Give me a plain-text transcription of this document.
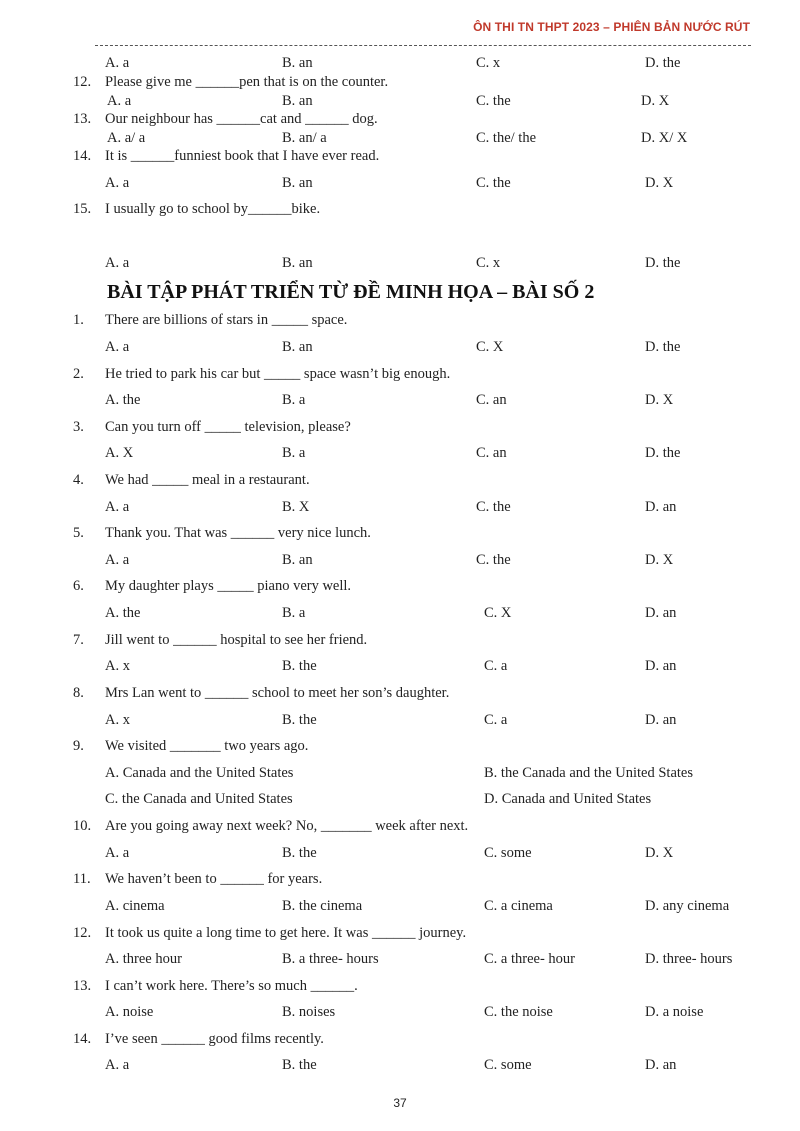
ÔN THI TN THPT 2023 – PHIÊN BẢN NƯỚC RÚT
A. a	B. an	C. x	D. the
12. Please give me ______pen that is on the counter.
A. a	B. an	C. the	D. X
13. Our neighbour has ______cat and ______ dog.
A. a/ a	B. an/ a	C. the/ the	D. X/ X
14. It is ______funniest book that I have ever read.
A. a	B. an	C. the	D. X
15. I usually go to school by______bike.
A. a	B. an	C. x	D. the
BÀI TẬP PHÁT TRIỂN TỪ ĐỀ MINH HỌA – BÀI SỐ 2
1. There are billions of stars in _____ space.
A. a	B. an	C. X	D. the
2. He tried to park his car but _____ space wasn’t big enough.
A. the	B. a	C. an	D. X
3. Can you turn off _____ television, please?
A. X	B. a	C. an	D. the
4. We had _____ meal in a restaurant.
A. a	B. X	C. the	D. an
5. Thank you. That was ______ very nice lunch.
A. a	B. an	C. the	D. X
6. My daughter plays _____ piano very well.
A. the	B. a	C. X	D. an
7. Jill went to ______ hospital to see her friend.
A. x	B. the	C. a	D. an
8. Mrs Lan went to ______ school to meet her son’s daughter.
A. x	B. the	C. a	D. an
9. We visited _______ two years ago.
A. Canada and the United States	B. the Canada and the United States
C. the Canada and United States	D. Canada and United States
10. Are you going away next week? No, _______ week after next.
A. a	B. the	C. some	D. X
11. We haven’t been to ______ for years.
A. cinema	B. the cinema	C. a cinema	D. any cinema
12. It took us quite a long time to get here. It was ______ journey.
A. three hour	B. a three- hours	C. a three- hour	D. three- hours
13. I can’t work here. There’s so much ______.
A. noise	B. noises	C. the noise	D. a noise
14. I’ve seen ______ good films recently.
A. a	B. the	C. some	D. an
37
